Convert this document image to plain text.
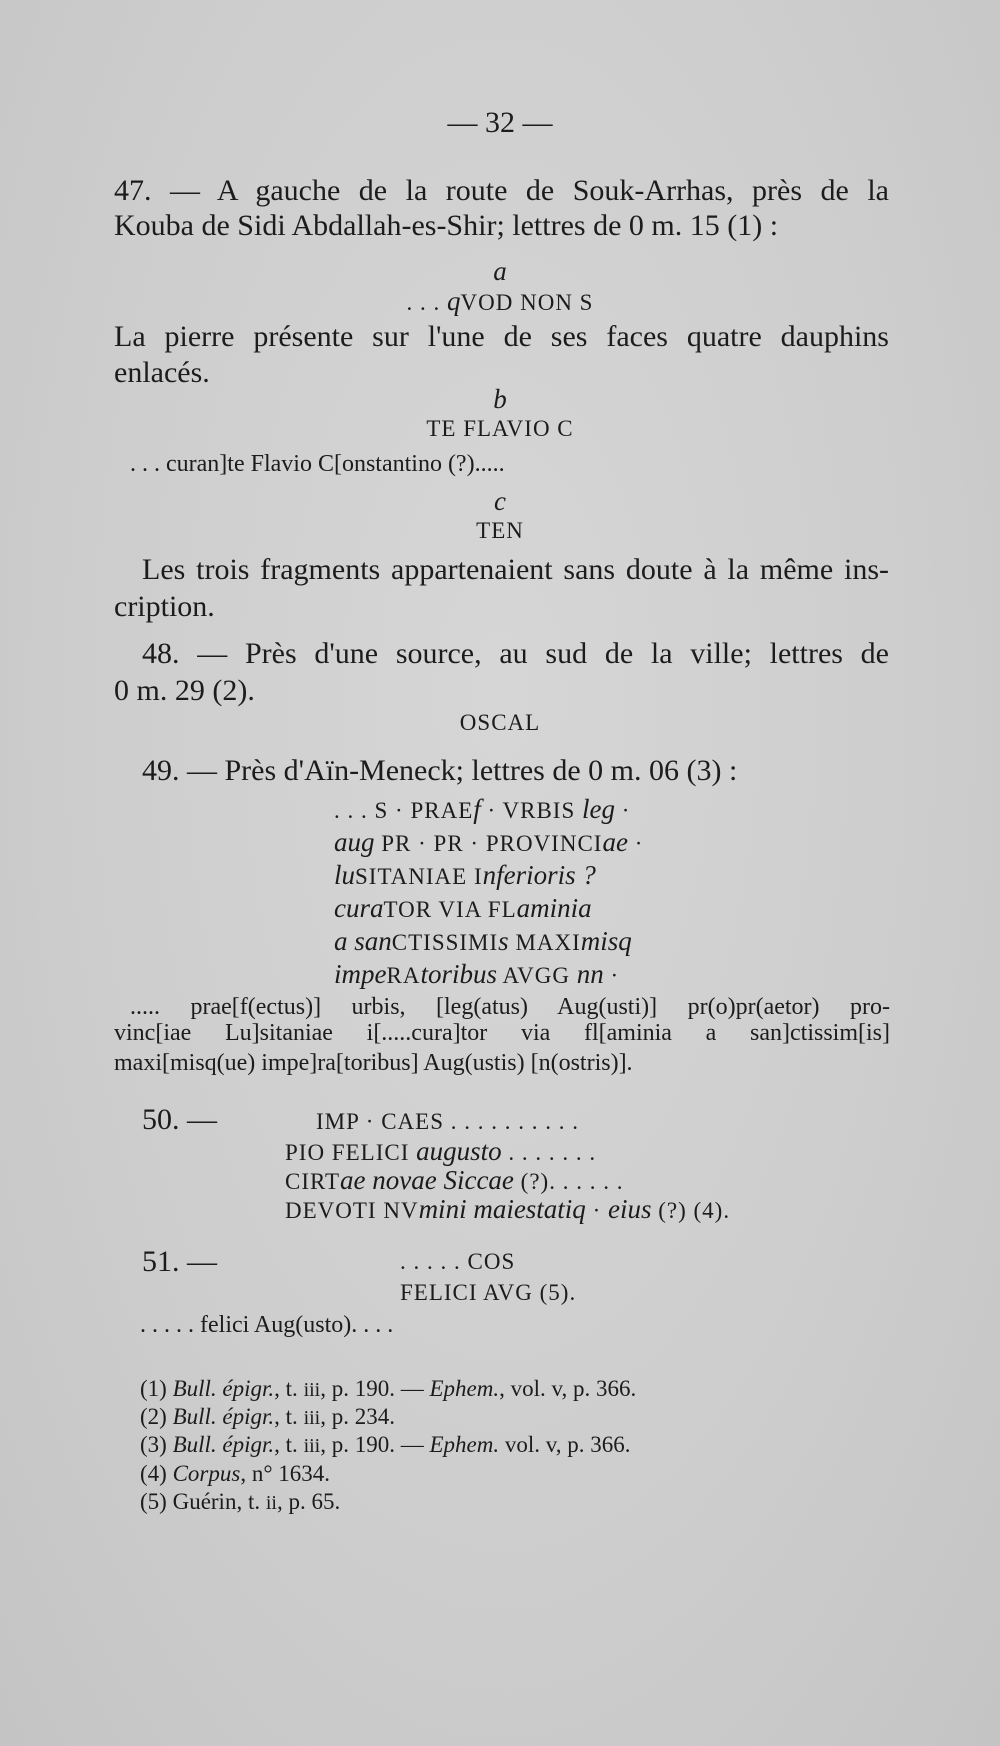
— 32 —
47. — A gauche de la route de Souk-Arrhas, près de la
Kouba de Sidi Abdallah-es-Shir; lettres de 0 m. 15 (1) :
a
. . . qVOD NON S
La pierre présente sur l'une de ses faces quatre dauphins
enlacés.
b
TE FLAVIO C
. . . curan]te Flavio C[onstantino (?).....
c
TEN
Les trois fragments appartenaient sans doute à la même ins-
cription.
48. — Près d'une source, au sud de la ville; lettres de
0 m. 29 (2).
OSCAL
49. — Près d'Aïn-Meneck; lettres de 0 m. 06 (3) :
. . . S · PRAEf · VRBIS leg ·
aug PR · PR · PROVINCIae ·
luSITANIAE Inferioris ?
curaTOR VIA FLaminia
a sanCTISSIMIs MAXImisq
impeRAtoribus AVGG nn ·
..... prae[f(ectus)] urbis, [leg(atus) Aug(usti)] pr(o)pr(aetor) pro-
vinc[iae Lu]sitaniae i[.....cura]tor via fl[aminia a san]ctissim[is]
maxi[misq(ue) impe]ra[toribus] Aug(ustis) [n(ostris)].
50. —	IMP · CAES . . . . . . . . . .
PIO FELICI augusto . . . . . . .
CIRTae novae Siccae (?). . . . . .
DEVOTI NVmini maiestatiq · eius (?) (4).
51. —	. . . . . COS
FELICI AVG (5).
. . . . . felici Aug(usto). . . .
(1) Bull. épigr., t. iii, p. 190. — Ephem., vol. v, p. 366.
(2) Bull. épigr., t. iii, p. 234.
(3) Bull. épigr., t. iii, p. 190. — Ephem. vol. v, p. 366.
(4) Corpus, n° 1634.
(5) Guérin, t. ii, p. 65.
